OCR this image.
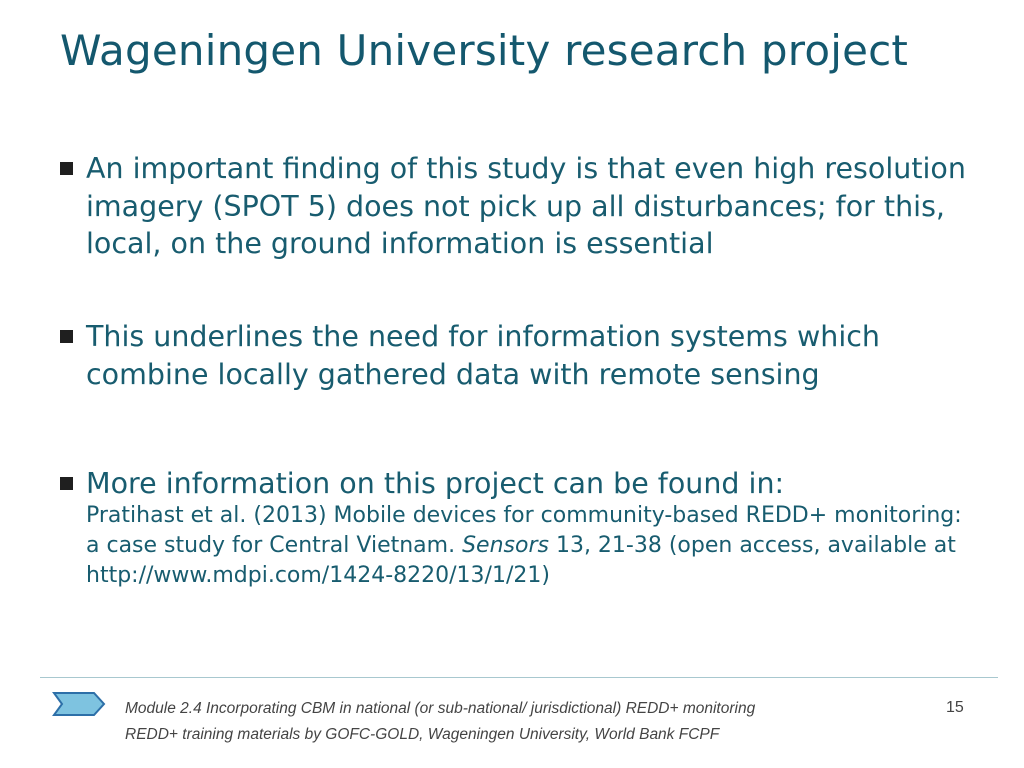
Wageningen University research project
An important finding of this study is that even high resolution imagery (SPOT 5) does not pick up all disturbances; for this, local, on the ground information is essential
This underlines the need for information systems which combine locally gathered data with remote sensing
More information on this project can be found in:
Pratihast et al. (2013) Mobile devices for community-based REDD+ monitoring: a case study for Central Vietnam. Sensors 13, 21-38 (open access, available at http://www.mdpi.com/1424-8220/13/1/21)
Module 2.4 Incorporating CBM in national (or sub-national/ jurisdictional) REDD+ monitoring
REDD+ training materials by GOFC-GOLD, Wageningen University, World Bank FCPF
15
